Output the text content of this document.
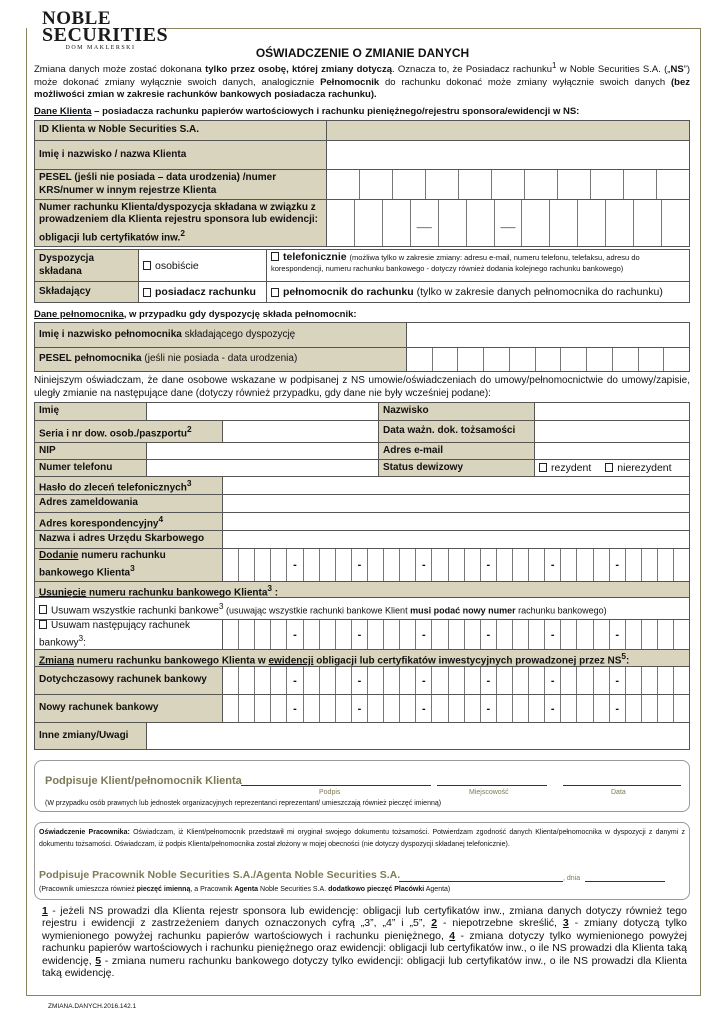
NOBLE
SECURITIES
DOM MAKLERSKI	OŚWIADCZENIE O ZMIANIE DANYCH
Zmiana danych może zostać dokonana tylko przez osobę, której zmiany dotyczą. Oznacza to, że Posiadacz rachunku$^1$ w Noble Securities S.A. („NS”) może dokonać zmiany wyłącznie swoich danych, analogicznie Pełnomocnik do rachunku dokonać może zmiany wyłącznie swoich danych (bez możliwości zmian w zakresie rachunków bankowych posiadacza rachunku).
Dane Klienta – posiadacza rachunku papierów wartościowych i rachunku pieniężnego/rejestru sponsora/ewidencji w NS:
ID Klienta w Noble Securities S.A.
Imię i nazwisko / nazwa Klienta
PESEL (jeśli nie posiada – data urodzenia) /numer KRS/numer w innym rejestrze Klienta
Numer rachunku Klienta/dyspozycja składana w związku z prowadzeniem dla Klienta rejestru sponsora lub ewidencji: obligacji lub certyfikatów inw.$^2$
___	___
Dyspozycja składana	osobiście
telefonicznie (możliwa tylko w zakresie zmiany: adresu e-mail, numeru telefonu, telefaksu, adresu do korespondencji, numeru rachunku bankowego - dotyczy również dodania kolejnego rachunku bankowego)
Składający	posiadacz rachunku	pełnomocnik do rachunku
(tylko w zakresie danych pełnomocnika do rachunku)
Dane pełnomocnika, w przypadku gdy dyspozycję składa pełnomocnik:
Imię i nazwisko pełnomocnika składającego dyspozycję
PESEL pełnomocnika (jeśli nie posiada - data urodzenia)
Niniejszym oświadczam, że dane osobowe wskazane w podpisanej z NS umowie/oświadczeniach do umowy/pełnomocnictwie do umowy/zapisie, uległy zmianie na następujące dane (dotyczy również przypadku, gdy dane nie były wcześniej podane):
Imię	Nazwisko
Seria i nr dow. osob./paszportu$^2$	Data ważn. dok. tożsamości
NIP	Adres e-mail
Numer telefonu	Status dewizowy	rezydent	nierezydent
Hasło do zleceń telefonicznych$^3$
Adres zameldowania
Adres korespondencyjny$^4$
Nazwa i adres Urzędu Skarbowego
Dodanie numeru rachunku bankowego Klienta$^3$	-	-	-	-	-	-
Usunięcie numeru rachunku bankowego Klienta$^3$ :
Usuwam wszystkie rachunki bankowe$^3$ (usuwając wszystkie rachunki bankowe Klient musi podać nowy numer rachunku bankowego)
Usuwam następujący rachunek bankowy$^3$:
-	-	-	-	-	-
Zmiana numeru rachunku bankowego Klienta w ewidencji obligacji lub certyfikatów inwestycyjnych prowadzonej przez $NS^5$:
Dotychczasowy rachunek bankowy	-	-	-	-	-	-
Nowy rachunek bankowy	-	-	-	-	-	-
Inne zmiany/Uwagi
Podpisuje Klient/pełnomocnik Klienta
Podpis	Miejscowość	Data
(W przypadku osób prawnych lub jednostek organizacyjnych reprezentanci reprezentant/ umieszczają również pieczęć imienną)
Oświadczenie Pracownika: Oświadczam, iż Klient/pełnomocnik przedstawił mi oryginał swojego dokumentu tożsamości. Potwierdzam zgodność danych Klienta/pełnomocnika w dyspozycji z danymi z dokumentu tożsamości. Oświadczam, iż podpis Klienta/pełnomocnika został złożony w mojej obecności (nie dotyczy dyspozycji składanej telefonicznie).
Podpisuje Pracownik Noble Securities S.A./Agenta Noble Securities S.A.	, dnia
(Pracownik umieszcza również pieczęć imienną, a Pracownik Agenta Noble Securities S.A. dodatkowo pieczęć Placówki Agenta)
1 - jeżeli NS prowadzi dla Klienta rejestr sponsora lub ewidencję: obligacji lub certyfikatów inw., zmiana danych dotyczy również tego rejestru i ewidencji z zastrzeżeniem danych oznaczonych cyfrą „3”, „4” i „5”, 2 - niepotrzebne skreślić, 3 - zmiany dotyczą tylko wymienionego powyżej rachunku papierów wartościowych i rachunku pieniężnego, 4 - zmiana dotyczy tylko wymienionego powyżej rachunku papierów wartościowych i rachunku pieniężnego oraz ewidencji: obligacji lub certyfikatów inw., o ile NS prowadzi dla Klienta taką ewidencję, 5 - zmiana numeru rachunku bankowego dotyczy tylko ewidencji: obligacji lub certyfikatów inw., o ile NS prowadzi dla Klienta taką ewidencję.
ZMIANA.DANYCH.2016.142.1
